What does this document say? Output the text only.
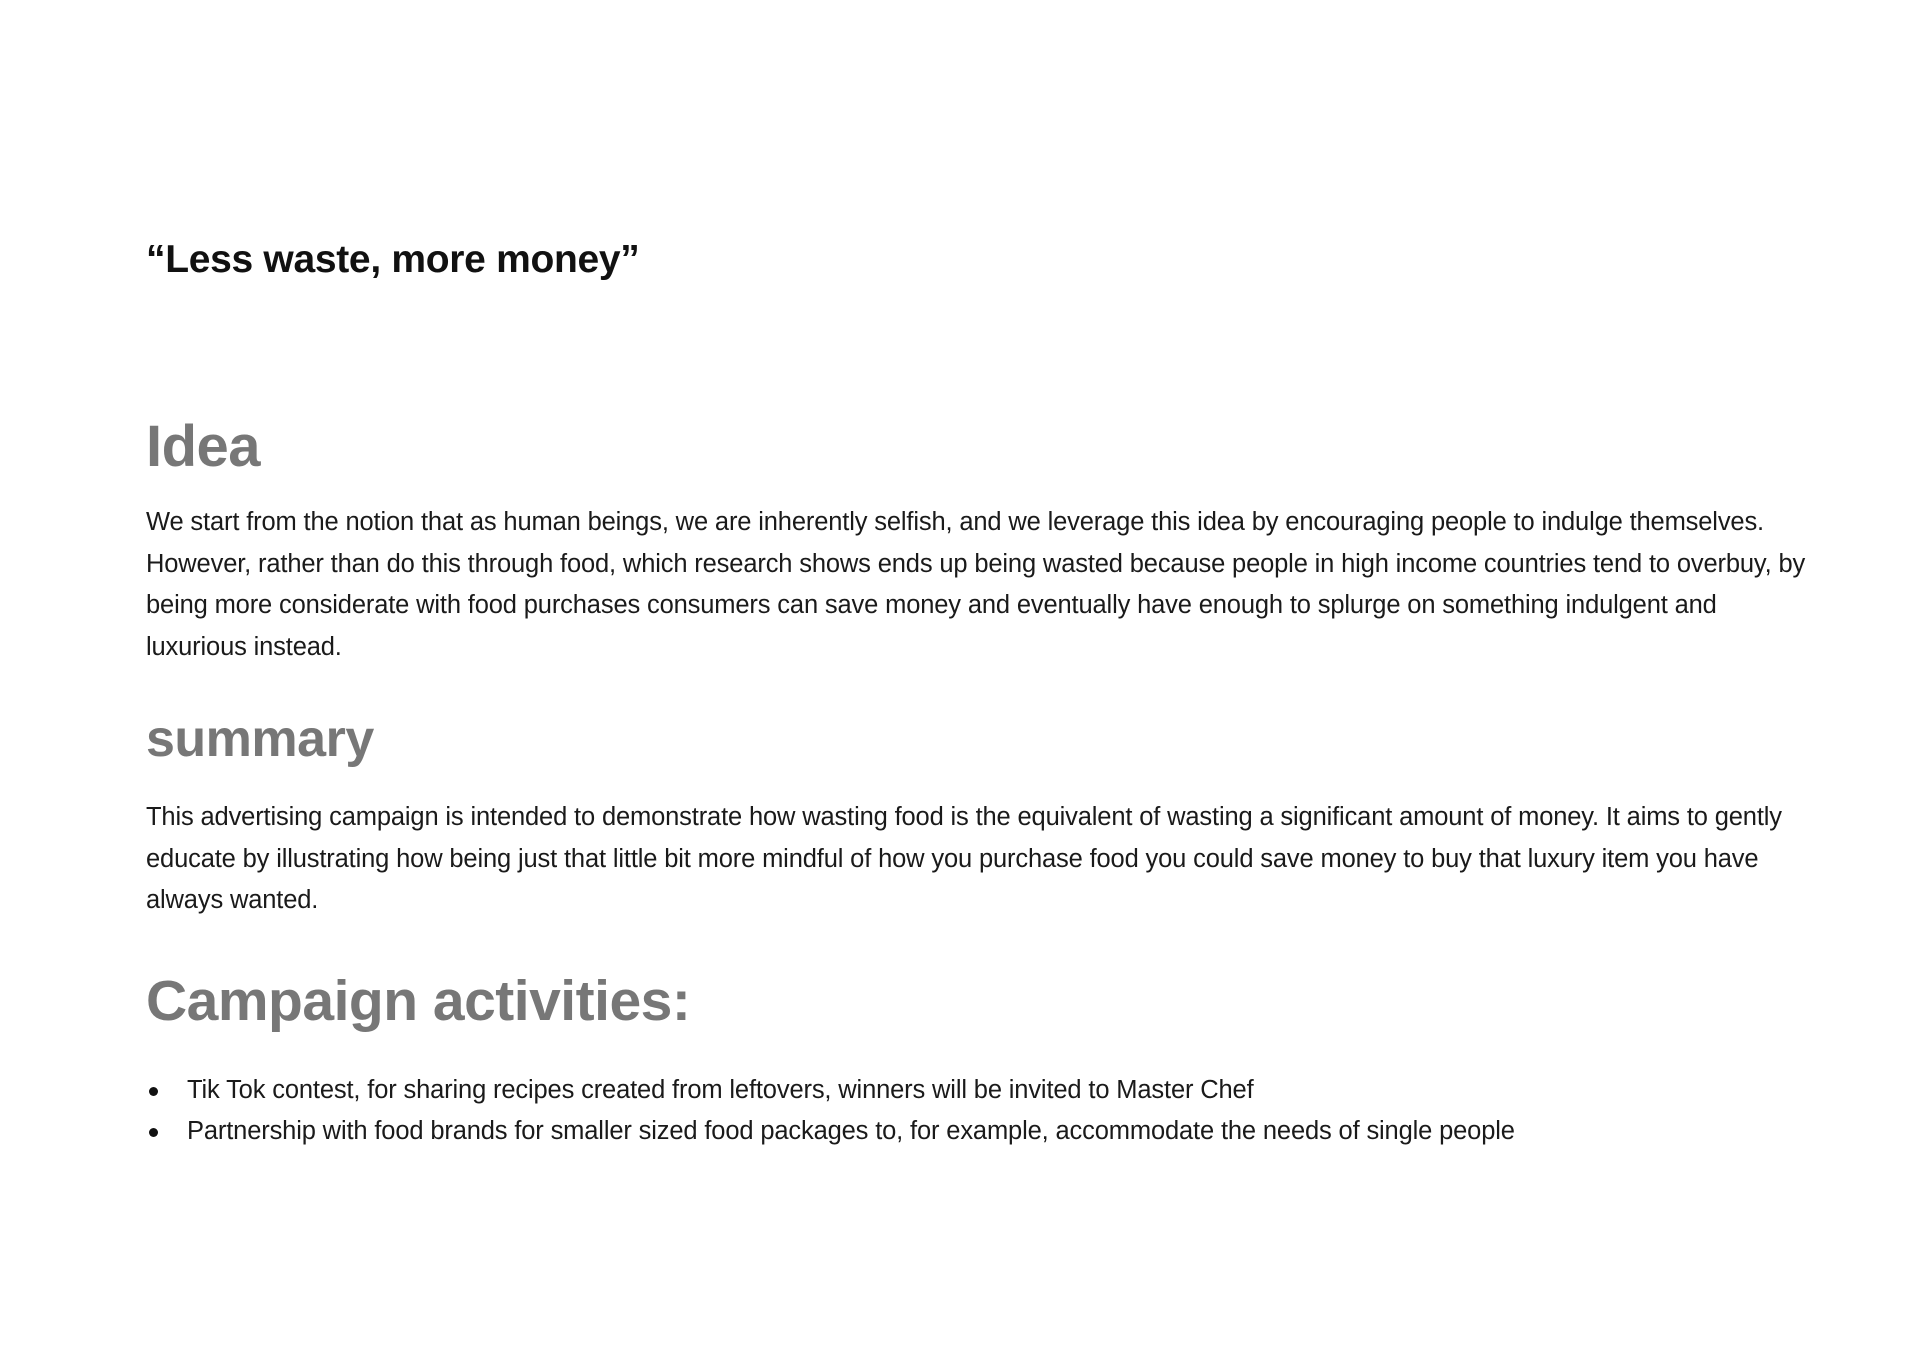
“Less waste, more money”

Idea

We start from the notion that as human beings, we are inherently selfish, and we leverage this idea by encouraging people to indulge themselves. However, rather than do this through food, which research shows ends up being wasted because people in high income countries tend to overbuy, by being more considerate with food purchases consumers can save money and eventually have enough to splurge on something indulgent and luxurious instead.

summary

This advertising campaign is intended to demonstrate how wasting food is the equivalent of wasting a significant amount of money. It aims to gently educate by illustrating how being just that little bit more mindful of how you purchase food you could save money to buy that luxury item you have always wanted.

Campaign activities:
Tik Tok contest, for sharing recipes created from leftovers, winners will be invited to Master Chef
Partnership with food brands for smaller sized food packages to, for example, accommodate the needs of single people
